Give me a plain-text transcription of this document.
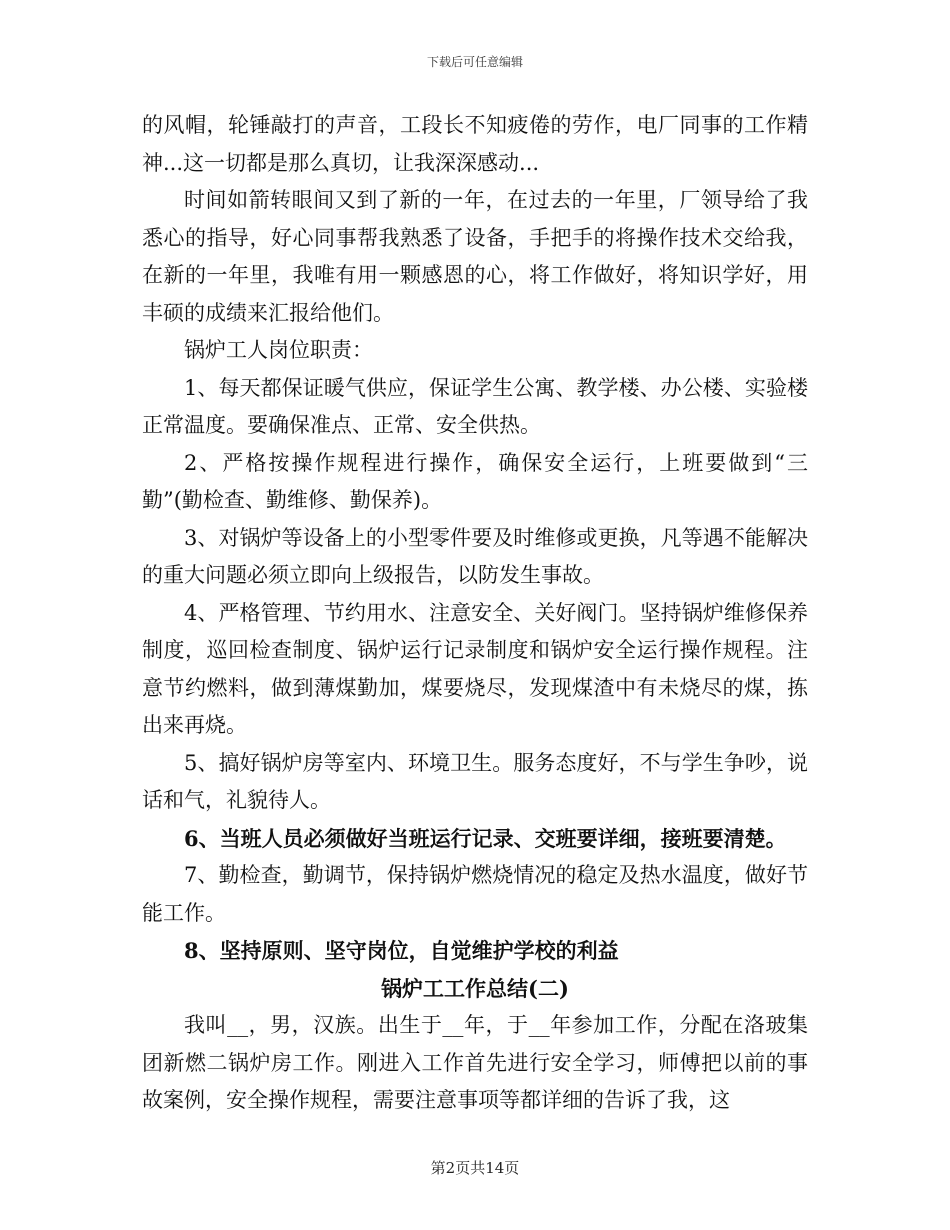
下载后可任意编辑

的风帽，轮锤敲打的声音，工段长不知疲倦的劳作，电厂同事的工作精神...这一切都是那么真切，让我深深感动...

时间如箭转眼间又到了新的一年，在过去的一年里，厂领导给了我悉心的指导，好心同事帮我熟悉了设备，手把手的将操作技术交给我，在新的一年里，我唯有用一颗感恩的心，将工作做好，将知识学好，用丰硕的成绩来汇报给他们。

锅炉工人岗位职责：

1、每天都保证暖气供应，保证学生公寓、教学楼、办公楼、实验楼正常温度。要确保准点、正常、安全供热。

2、严格按操作规程进行操作，确保安全运行，上班要做到“三勤”(勤检查、勤维修、勤保养)。

3、对锅炉等设备上的小型零件要及时维修或更换，凡等遇不能解决的重大问题必须立即向上级报告，以防发生事故。

4、严格管理、节约用水、注意安全、关好阀门。坚持锅炉维修保养制度，巡回检查制度、锅炉运行记录制度和锅炉安全运行操作规程。注意节约燃料，做到薄煤勤加，煤要烧尽，发现煤渣中有未烧尽的煤，拣出来再烧。

5、搞好锅炉房等室内、环境卫生。服务态度好，不与学生争吵，说话和气，礼貌待人。

6、当班人员必须做好当班运行记录、交班要详细，接班要清楚。

7、勤检查，勤调节，保持锅炉燃烧情况的稳定及热水温度，做好节能工作。

8、坚持原则、坚守岗位，自觉维护学校的利益

锅炉工工作总结(二)

我叫__，男，汉族。出生于__年，于__年参加工作，分配在洛玻集团新燃二锅炉房工作。刚进入工作首先进行安全学习，师傅把以前的事故案例，安全操作规程，需要注意事项等都详细的告诉了我，这

第2页共14页
